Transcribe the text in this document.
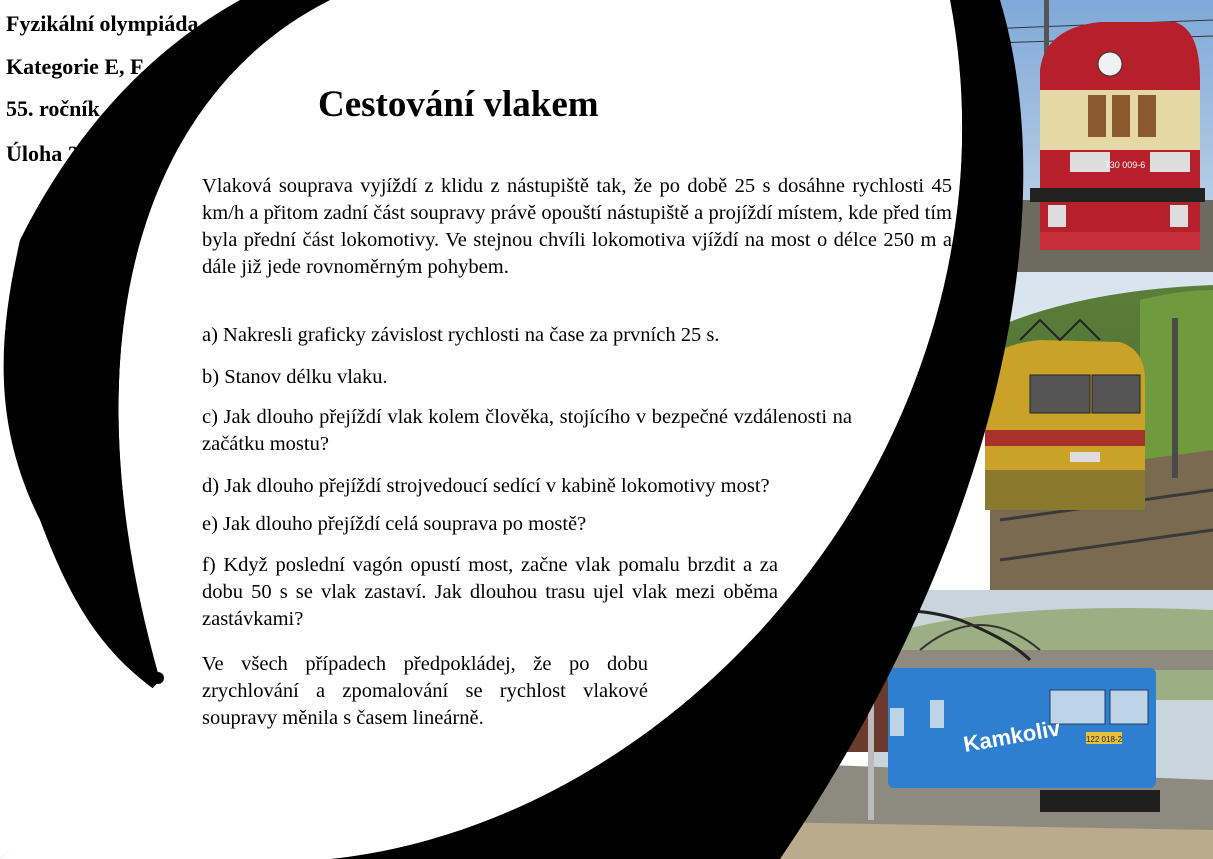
730 009-6
Kamkoliv	122 018-2
Fyzikální olympiáda
Kategorie E, F
55. ročník
Úloha 2.
Cestování vlakem

Vlaková souprava vyjíždí z klidu z nástupiště tak, že po době 25 s dosáhne rychlosti 45 km/h a přitom zadní část soupravy právě opouští nástupiště a projíždí místem, kde před tím byla přední část lokomotivy. Ve stejnou chvíli lokomotiva vjíždí na most o délce 250 m a dále již jede rovnoměrným pohybem.

a) Nakresli graficky závislost rychlosti na čase za prvních 25 s.

b) Stanov délku vlaku.

c) Jak dlouho přejíždí vlak kolem člověka, stojícího v bezpečné vzdálenosti na začátku mostu?

d) Jak dlouho přejíždí strojvedoucí sedící v kabině lokomotivy most?

e) Jak dlouho přejíždí celá souprava po mostě?

f) Když poslední vagón opustí most, začne vlak pomalu brzdit a za dobu 50 s se vlak zastaví. Jak dlouhou trasu ujel vlak mezi oběma zastávkami?

Ve všech případech předpokládej, že po dobu zrychlování a zpomalování se rychlost vlakové soupravy měnila s časem lineárně.
